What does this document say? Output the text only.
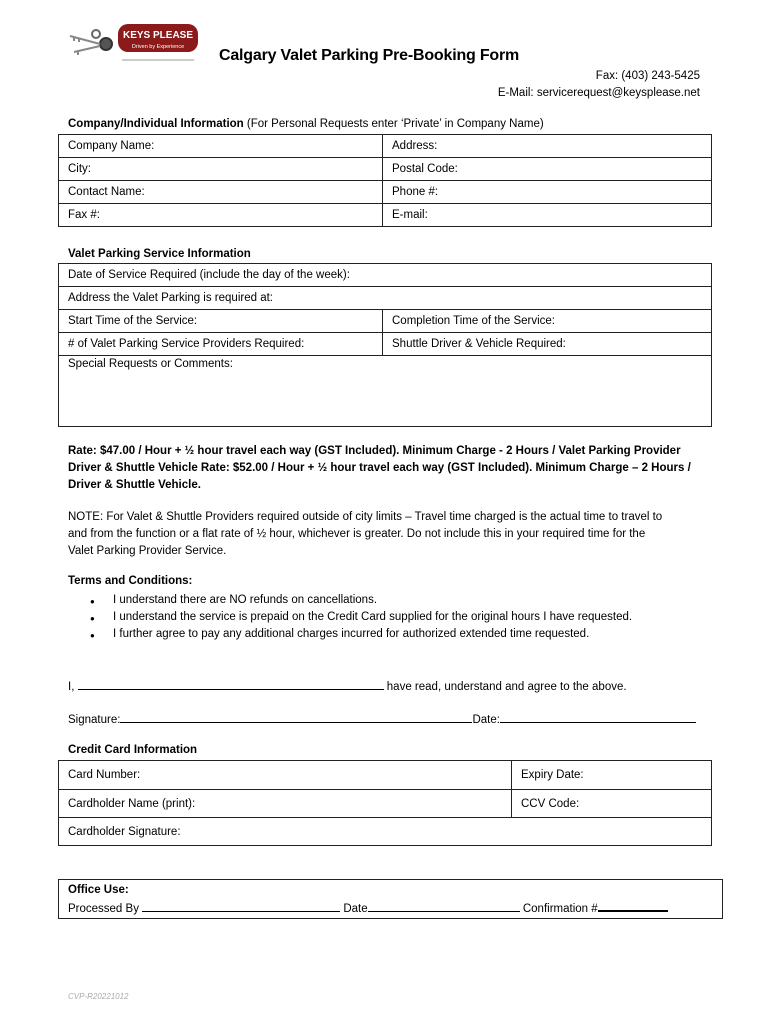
KEYS PLEASE
Driven by Experience Calgary Valet Parking Pre-Booking Form
Fax: (403) 243-5425
E-Mail: servicerequest@keysplease.net
Company/Individual Information (For Personal Requests enter ‘Private’ in Company Name)
Company Name:	Address:
City:	Postal Code:
Contact Name:	Phone #:
Fax #:	E-mail:
Valet Parking Service Information
Date of Service Required (include the day of the week):	
Address the Valet Parking is required at:	
Start Time of the Service:	Completion Time of the Service:
# of Valet Parking Service Providers Required:	Shuttle Driver & Vehicle Required:
Special Requests or Comments:	
Rate: $47.00 / Hour + ½ hour travel each way (GST Included). Minimum Charge - 2 Hours / Valet Parking Provider
Driver & Shuttle Vehicle Rate: $52.00 / Hour + ½ hour travel each way (GST Included). Minimum Charge – 2 Hours /
Driver & Shuttle Vehicle.
NOTE: For Valet & Shuttle Providers required outside of city limits – Travel time charged is the actual time to travel to
and from the function or a flat rate of ½ hour, whichever is greater. Do not include this in your required time for the
Valet Parking Provider Service.
Terms and Conditions:
● I understand there are NO refunds on cancellations.
● I understand the service is prepaid on the Credit Card supplied for the original hours I have requested.
● I further agree to pay any additional charges incurred for authorized extended time requested.
I,	have read, understand and agree to the above.
Signature:	Date:
Credit Card Information
Card Number:	Expiry Date:
Cardholder Name (print):	CCV Code:
Cardholder Signature:	
Office Use:
Processed By	Date	Confirmation #
CVP-R20221012
